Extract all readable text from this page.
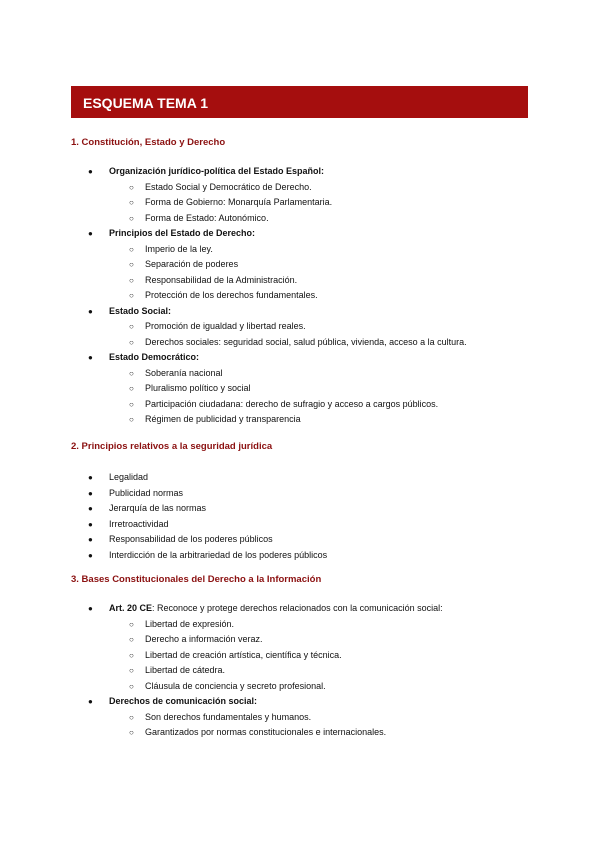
ESQUEMA TEMA 1
1. Constitución, Estado y Derecho
● Organización jurídico-política del Estado Español:
○ Estado Social y Democrático de Derecho.
○ Forma de Gobierno: Monarquía Parlamentaria.
○ Forma de Estado: Autonómico.
● Principios del Estado de Derecho:
○ Imperio de la ley.
○ Separación de poderes
○ Responsabilidad de la Administración.
○ Protección de los derechos fundamentales.
● Estado Social:
○ Promoción de igualdad y libertad reales.
○ Derechos sociales: seguridad social, salud pública, vivienda, acceso a la cultura.
● Estado Democrático:
○ Soberanía nacional
○ Pluralismo político y social
○ Participación ciudadana: derecho de sufragio y acceso a cargos públicos.
○ Régimen de publicidad y transparencia
2. Principios relativos a la seguridad jurídica
● Legalidad
● Publicidad normas
● Jerarquía de las normas
● Irretroactividad
● Responsabilidad de los poderes públicos
● Interdicción de la arbitrariedad de los poderes públicos
3. Bases Constitucionales del Derecho a la Información
● Art. 20 CE: Reconoce y protege derechos relacionados con la comunicación social:
○ Libertad de expresión.
○ Derecho a información veraz.
○ Libertad de creación artística, científica y técnica.
○ Libertad de cátedra.
○ Cláusula de conciencia y secreto profesional.
● Derechos de comunicación social:
○ Son derechos fundamentales y humanos.
○ Garantizados por normas constitucionales e internacionales.
